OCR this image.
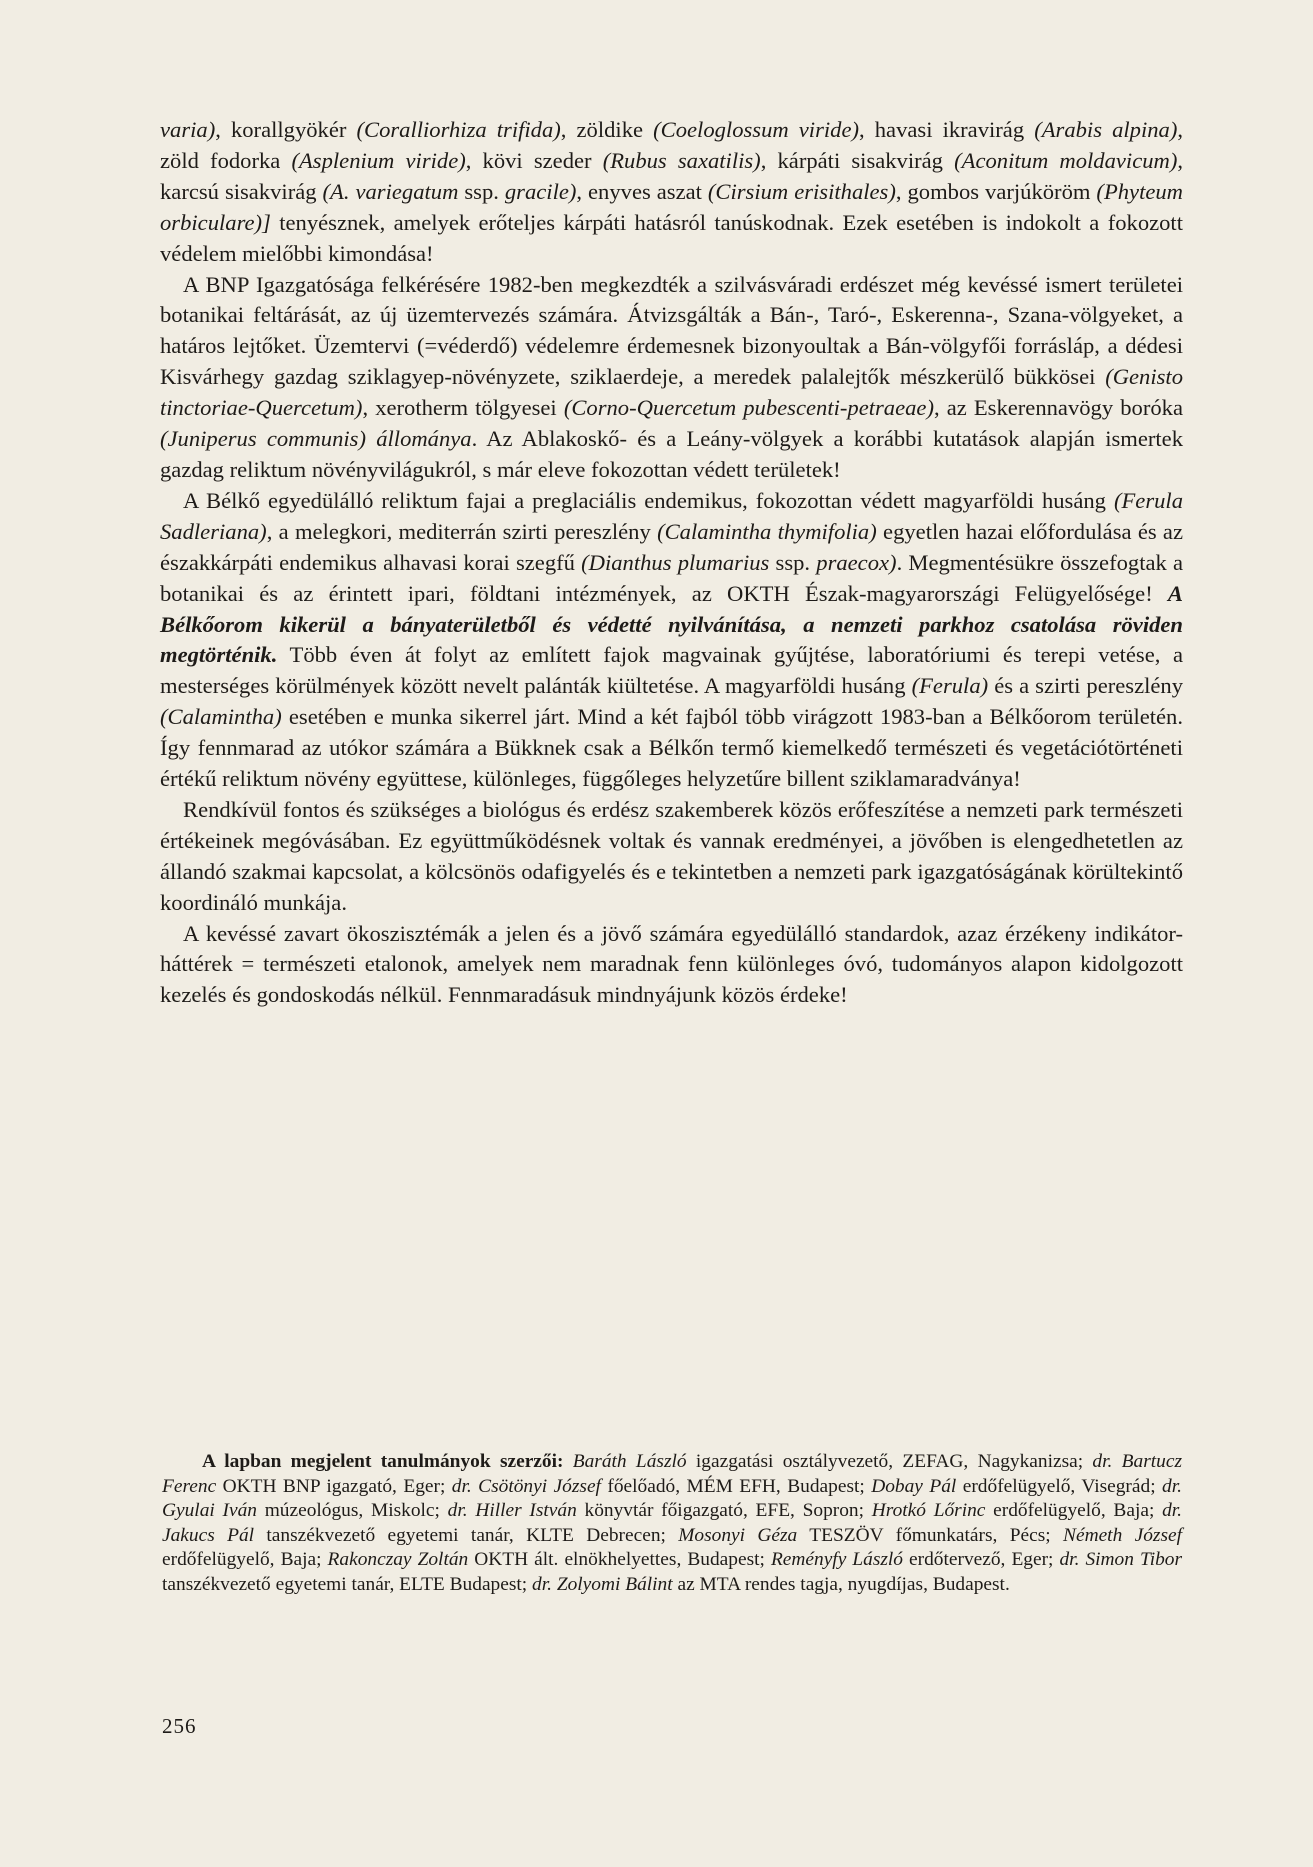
varia), korallgyökér (Coralliorhiza trifida), zöldike (Coeloglossum viride), havasi ikravirág (Arabis alpina), zöld fodorka (Asplenium viride), kövi szeder (Rubus saxatilis), kárpáti sisakvirág (Aconitum moldavicum), karcsú sisakvirág (A. variegatum ssp. gracile), enyves aszat (Cirsium erisithales), gombos varjúköröm (Phyteum orbiculare)] tenyésznek, amelyek erőteljes kárpáti hatásról tanúskodnak. Ezek esetében is indokolt a fokozott védelem mielőbbi kimondása!

A BNP Igazgatósága felkérésére 1982-ben megkezdték a szilvásváradi erdészet még kevéssé ismert területei botanikai feltárását, az új üzemtervezés számára. Átvizsgálták a Bán-, Taró-, Eskerenna-, Szana-völgyeket, a határos lejtőket. Üzemtervi (=véderdő) védelemre érdemesnek bizonyoultak a Bán-völgyfői forrásláp, a dédesi Kisvárhegy gazdag sziklagyep-növényzete, sziklaerdeje, a meredek palalejtők mészkerülő bükkösei (Genisto tinctoriae-Quercetum), xerotherm tölgyesei (Corno-Quercetum pubescenti-petraeae), az Eskerennavögy boróka (Juniperus communis) állománya. Az Ablakoskő- és a Leány-völgyek a korábbi kutatások alapján ismertek gazdag reliktum növényvilágukról, s már eleve fokozottan védett területek!

A Bélkő egyedülálló reliktum fajai a preglaciális endemikus, fokozottan védett magyarföldi husáng (Ferula Sadleriana), a melegkori, mediterrán szirti pereszlény (Calamintha thymifolia) egyetlen hazai előfordulása és az északkárpáti endemikus alhavasi korai szegfű (Dianthus plumarius ssp. praecox). Megmentésükre összefogtak a botanikai és az érintett ipari, földtani intézmények, az OKTH Észak-magyarországi Felügyelősége! A Bélkőorom kikerül a bányaterületből és védetté nyilvánítása, a nemzeti parkhoz csatolása röviden megtörténik. Több éven át folyt az említett fajok magvainak gyűjtése, laboratóriumi és terepi vetése, a mesterséges körülmények között nevelt palánták kiültetése. A magyarföldi husáng (Ferula) és a szirti pereszlény (Calamintha) esetében e munka sikerrel járt. Mind a két fajból több virágzott 1983-ban a Bélkőorom területén. Így fennmarad az utókor számára a Bükknek csak a Bélkőn termő kiemelkedő természeti és vegetációtörténeti értékű reliktum növény együttese, különleges, függőleges helyzetűre billent sziklamaradványa!

Rendkívül fontos és szükséges a biológus és erdész szakemberek közös erőfeszítése a nemzeti park természeti értékeinek megóvásában. Ez együttműködésnek voltak és vannak eredményei, a jövőben is elengedhetetlen az állandó szakmai kapcsolat, a kölcsönös odafigyelés és e tekintetben a nemzeti park igazgatóságának körültekintő koordináló munkája.

A kevéssé zavart ökoszisztémák a jelen és a jövő számára egyedülálló standardok, azaz érzékeny indikátor-háttérek = természeti etalonok, amelyek nem maradnak fenn különleges óvó, tudományos alapon kidolgozott kezelés és gondoskodás nélkül. Fennmaradásuk mindnyájunk közös érdeke!

A lapban megjelent tanulmányok szerzői: Baráth László igazgatási osztályvezető, ZEFAG, Nagykanizsa; dr. Bartucz Ferenc OKTH BNP igazgató, Eger; dr. Csötönyi József főelőadó, MÉM EFH, Budapest; Dobay Pál erdőfelügyelő, Visegrád; dr. Gyulai Iván múzeológus, Miskolc; dr. Hiller István könyvtár főigazgató, EFE, Sopron; Hrotkó Lőrinc erdőfelügyelő, Baja; dr. Jakucs Pál tanszékvezető egyetemi tanár, KLTE Debrecen; Mosonyi Géza TESZÖV főmunkatárs, Pécs; Németh József erdőfelügyelő, Baja; Rakonczay Zoltán OKTH ált. elnökhelyettes, Budapest; Reményfy László erdőtervező, Eger; dr. Simon Tibor tanszékvezető egyetemi tanár, ELTE Budapest; dr. Zolyomi Bálint az MTA rendes tagja, nyugdíjas, Budapest.

256
